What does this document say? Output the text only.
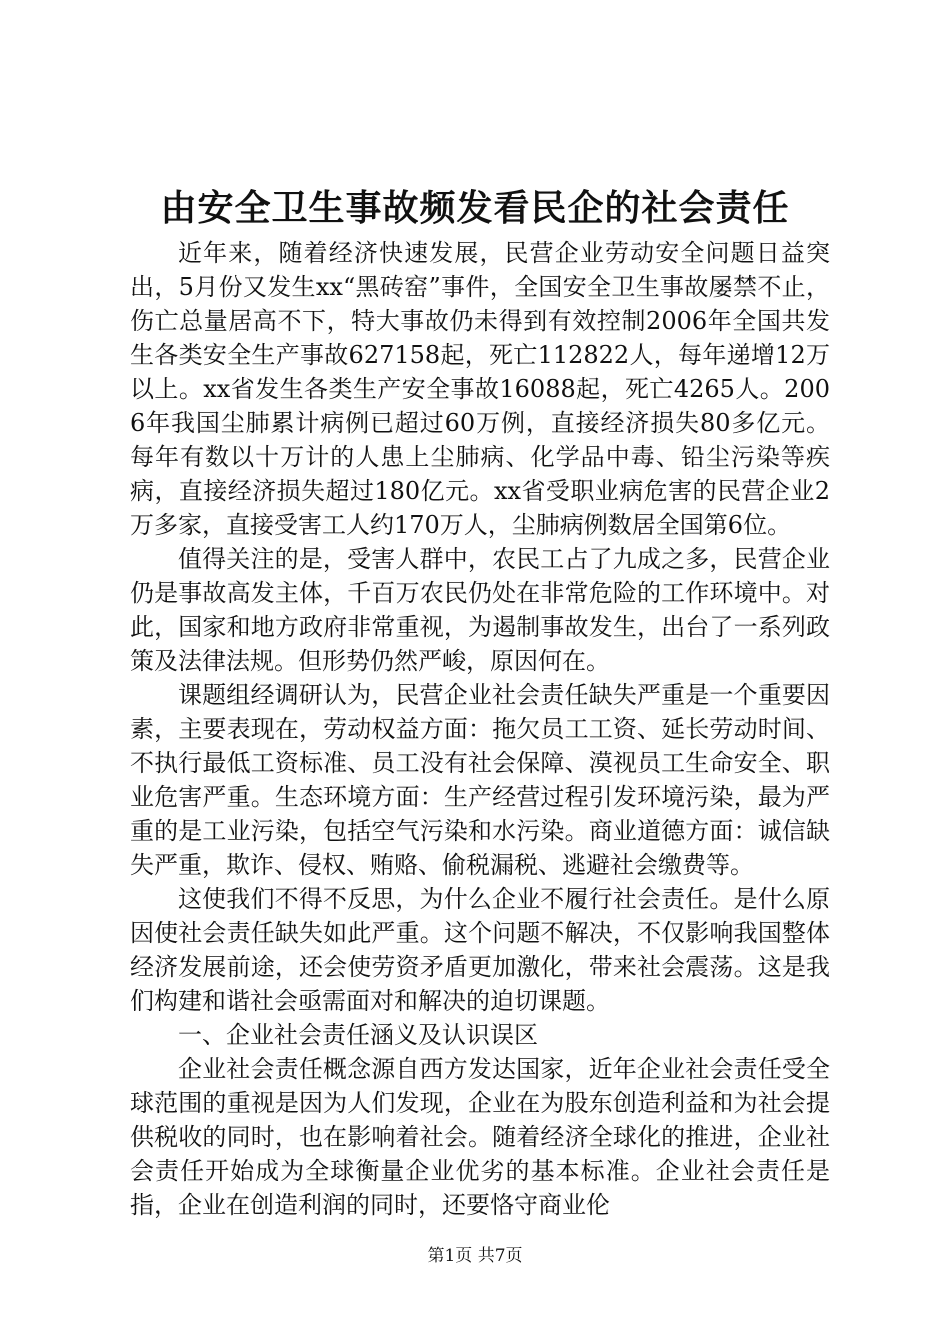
由安全卫生事故频发看民企的社会责任

近年来，随着经济快速发展，民营企业劳动安全问题日益突出，5月份又发生xx“黑砖窑”事件，全国安全卫生事故屡禁不止，伤亡总量居高不下，特大事故仍未得到有效控制2006年全国共发生各类安全生产事故627158起，死亡112822人，每年递增12万以上。xx省发生各类生产安全事故16088起，死亡4265人。2006年我国尘肺累计病例已超过60万例，直接经济损失80多亿元。每年有数以十万计的人患上尘肺病、化学品中毒、铅尘污染等疾病，直接经济损失超过180亿元。xx省受职业病危害的民营企业2万多家，直接受害工人约170万人，尘肺病例数居全国第6位。

值得关注的是，受害人群中，农民工占了九成之多，民营企业仍是事故高发主体，千百万农民仍处在非常危险的工作环境中。对此，国家和地方政府非常重视，为遏制事故发生，出台了一系列政策及法律法规。但形势仍然严峻，原因何在。

课题组经调研认为，民营企业社会责任缺失严重是一个重要因素，主要表现在，劳动权益方面：拖欠员工工资、延长劳动时间、不执行最低工资标准、员工没有社会保障、漠视员工生命安全、职业危害严重。生态环境方面：生产经营过程引发环境污染，最为严重的是工业污染，包括空气污染和水污染。商业道德方面：诚信缺失严重，欺诈、侵权、贿赂、偷税漏税、逃避社会缴费等。

这使我们不得不反思，为什么企业不履行社会责任。是什么原因使社会责任缺失如此严重。这个问题不解决，不仅影响我国整体经济发展前途，还会使劳资矛盾更加激化，带来社会震荡。这是我们构建和谐社会亟需面对和解决的迫切课题。

一、企业社会责任涵义及认识误区

企业社会责任概念源自西方发达国家，近年企业社会责任受全球范围的重视是因为人们发现，企业在为股东创造利益和为社会提供税收的同时，也在影响着社会。随着经济全球化的推进，企业社会责任开始成为全球衡量企业优劣的基本标准。企业社会责任是指，企业在创造利润的同时，还要恪守商业伦

第1页 共7页
